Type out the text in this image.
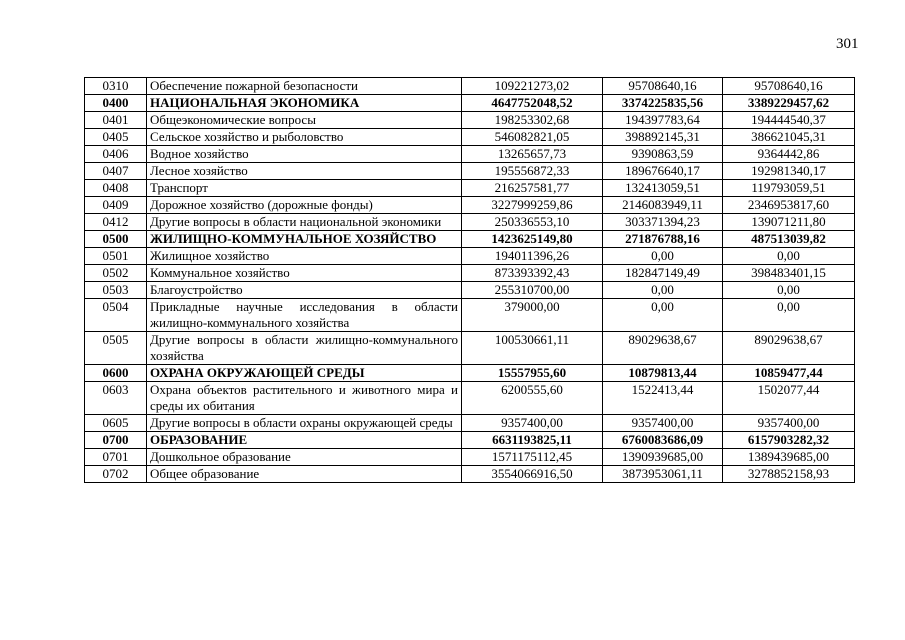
301
0310	Обеспечение пожарной безопасности	109221273,02	95708640,16	95708640,16
0400	НАЦИОНАЛЬНАЯ ЭКОНОМИКА	4647752048,52	3374225835,56	3389229457,62
0401	Общеэкономические вопросы	198253302,68	194397783,64	194444540,37
0405	Сельское хозяйство и рыболовство	546082821,05	398892145,31	386621045,31
0406	Водное хозяйство	13265657,73	9390863,59	9364442,86
0407	Лесное хозяйство	195556872,33	189676640,17	192981340,17
0408	Транспорт	216257581,77	132413059,51	119793059,51
0409	Дорожное хозяйство (дорожные фонды)	3227999259,86	2146083949,11	2346953817,60
0412	Другие вопросы в области национальной экономики	250336553,10	303371394,23	139071211,80
0500	ЖИЛИЩНО-КОММУНАЛЬНОЕ ХОЗЯЙСТВО	1423625149,80	271876788,16	487513039,82
0501	Жилищное хозяйство	194011396,26	0,00	0,00
0502	Коммунальное хозяйство	873393392,43	182847149,49	398483401,15
0503	Благоустройство	255310700,00	0,00	0,00
0504	Прикладные научные исследования в области жилищно-коммунального хозяйства	379000,00	0,00	0,00
0505	Другие вопросы в области жилищно-коммунального хозяйства	100530661,11	89029638,67	89029638,67
0600	ОХРАНА ОКРУЖАЮЩЕЙ СРЕДЫ	15557955,60	10879813,44	10859477,44
0603	Охрана объектов растительного и животного мира и среды их обитания	6200555,60	1522413,44	1502077,44
0605	Другие вопросы в области охраны окружающей среды	9357400,00	9357400,00	9357400,00
0700	ОБРАЗОВАНИЕ	6631193825,11	6760083686,09	6157903282,32
0701	Дошкольное образование	1571175112,45	1390939685,00	1389439685,00
0702	Общее образование	3554066916,50	3873953061,11	3278852158,93
